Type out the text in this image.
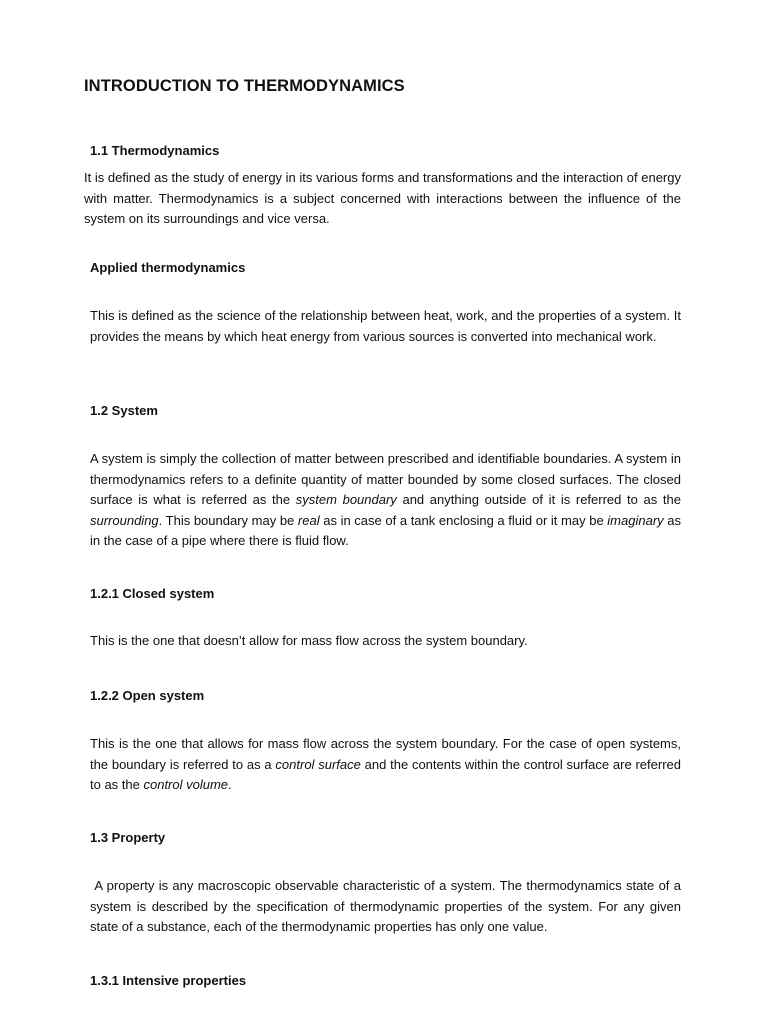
INTRODUCTION TO THERMODYNAMICS
1.1 Thermodynamics

It is defined as the study of energy in its various forms and transformations and the interaction of energy with matter. Thermodynamics is a subject concerned with interactions between the influence of the system on its surroundings and vice versa.

Applied thermodynamics

This is defined as the science of the relationship between heat, work, and the properties of a system. It provides the means by which heat energy from various sources is converted into mechanical work.

1.2 System

A system is simply the collection of matter between prescribed and identifiable boundaries. A system in thermodynamics refers to a definite quantity of matter bounded by some closed surfaces. The closed surface is what is referred as the system boundary and anything outside of it is referred to as the surrounding. This boundary may be real as in case of a tank enclosing a fluid or it may be imaginary as in the case of a pipe where there is fluid flow.

1.2.1 Closed system

This is the one that doesn’t allow for mass flow across the system boundary.

1.2.2 Open system

This is the one that allows for mass flow across the system boundary. For the case of open systems, the boundary is referred to as a control surface and the contents within the control surface are referred to as the control volume.

1.3 Property

A property is any macroscopic observable characteristic of a system. The thermodynamics state of a system is described by the specification of thermodynamic properties of the system. For any given state of a substance, each of the thermodynamic properties has only one value.

1.3.1 Intensive properties
